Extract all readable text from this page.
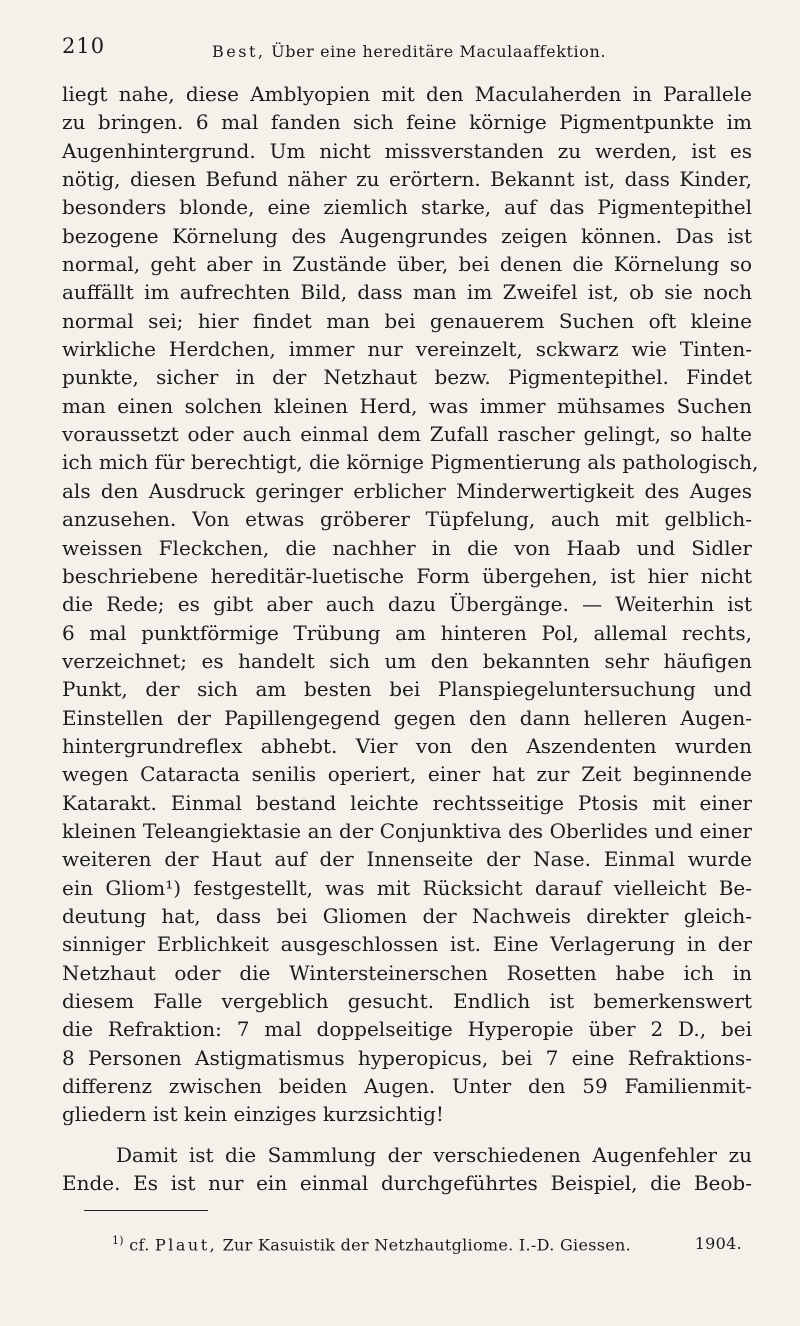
210	Best, Über eine hereditäre Maculaaffektion.
liegt nahe, diese Amblyopien mit den Maculaherden in Parallele
zu bringen. 6 mal fanden sich feine körnige Pigmentpunkte im
Augenhintergrund. Um nicht missverstanden zu werden, ist es
nötig, diesen Befund näher zu erörtern. Bekannt ist, dass Kinder,
besonders blonde, eine ziemlich starke, auf das Pigmentepithel
bezogene Körnelung des Augengrundes zeigen können. Das ist
normal, geht aber in Zustände über, bei denen die Körnelung so
auffällt im aufrechten Bild, dass man im Zweifel ist, ob sie noch
normal sei; hier findet man bei genauerem Suchen oft kleine
wirkliche Herdchen, immer nur vereinzelt, sckwarz wie Tinten-
punkte, sicher in der Netzhaut bezw. Pigmentepithel. Findet
man einen solchen kleinen Herd, was immer mühsames Suchen
voraussetzt oder auch einmal dem Zufall rascher gelingt, so halte
ich mich für berechtigt, die körnige Pigmentierung als pathologisch,
als den Ausdruck geringer erblicher Minderwertigkeit des Auges
anzusehen. Von etwas gröberer Tüpfelung, auch mit gelblich-
weissen Fleckchen, die nachher in die von Haab und Sidler
beschriebene hereditär-luetische Form übergehen, ist hier nicht
die Rede; es gibt aber auch dazu Übergänge. — Weiterhin ist
6 mal punktförmige Trübung am hinteren Pol, allemal rechts,
verzeichnet; es handelt sich um den bekannten sehr häufigen
Punkt, der sich am besten bei Planspiegeluntersuchung und
Einstellen der Papillengegend gegen den dann helleren Augen-
hintergrundreflex abhebt. Vier von den Aszendenten wurden
wegen Cataracta senilis operiert, einer hat zur Zeit beginnende
Katarakt. Einmal bestand leichte rechtsseitige Ptosis mit einer
kleinen Teleangiektasie an der Conjunktiva des Oberlides und einer
weiteren der Haut auf der Innenseite der Nase. Einmal wurde
ein Gliom¹) festgestellt, was mit Rücksicht darauf vielleicht Be-
deutung hat, dass bei Gliomen der Nachweis direkter gleich-
sinniger Erblichkeit ausgeschlossen ist. Eine Verlagerung in der
Netzhaut oder die Wintersteinerschen Rosetten habe ich in
diesem Falle vergeblich gesucht. Endlich ist bemerkenswert
die Refraktion: 7 mal doppelseitige Hyperopie über 2 D., bei
8 Personen Astigmatismus hyperopicus, bei 7 eine Refraktions-
differenz zwischen beiden Augen. Unter den 59 Familienmit-
gliedern ist kein einziges kurzsichtig!
Damit ist die Sammlung der verschiedenen Augenfehler zu
Ende. Es ist nur ein einmal durchgeführtes Beispiel, die Beob-
$^{1)}$ cf. Plaut, Zur Kasuistik der Netzhautgliome. I.-D. Giessen.	1904.
